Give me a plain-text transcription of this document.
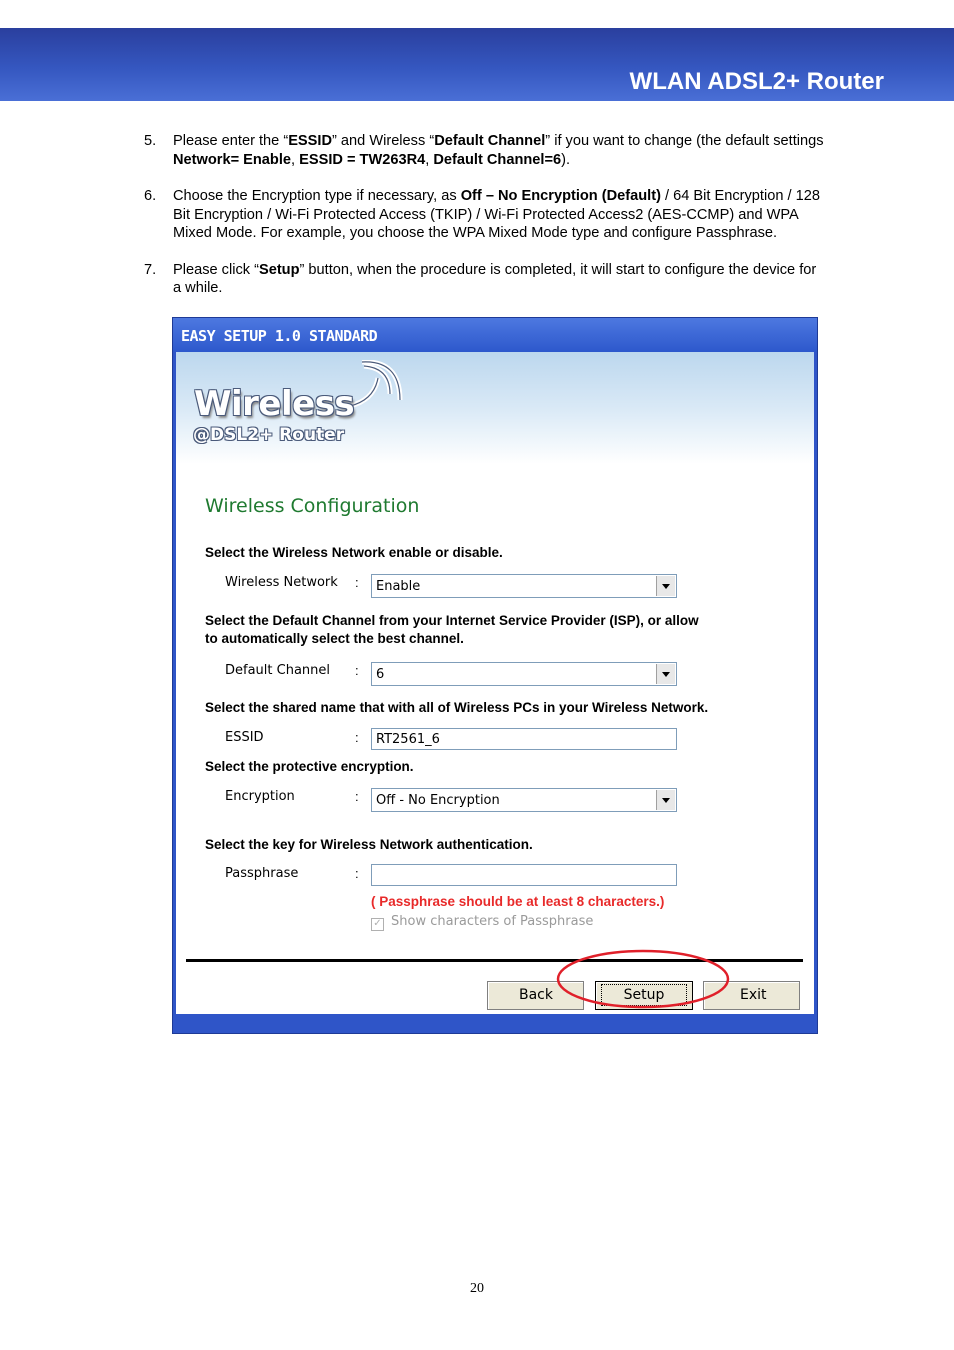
WLAN ADSL2+ Router
5. Please enter the “ESSID” and Wireless “Default Channel” if you want to change (the default settings Network= Enable, ESSID = TW263R4, Default Channel=6).
6. Choose the Encryption type if necessary, as Off – No Encryption (Default) / 64 Bit Encryption / 128 Bit Encryption / Wi-Fi Protected Access (TKIP) / Wi-Fi Protected Access2 (AES-CCMP) and WPA Mixed Mode. For example, you choose the WPA Mixed Mode type and configure Passphrase.
7. Please click “Setup” button, when the procedure is completed, it will start to configure the device for a while.
EASY SETUP 1.0 STANDARD
Wireless
@DSL2+ Router
Wireless Configuration
Select the Wireless Network enable or disable.
Wireless Network :	Enable
Select the Default Channel from your Internet Service Provider (ISP), or allow
to automatically select the best channel.
Default Channel :	6
Select the shared name that with all of Wireless PCs in your Wireless Network.
ESSID	:	RT2561_6
Select the protective encryption.
Encryption	:	Off - No Encryption
Select the key for Wireless Network authentication.
Passphrase	:
( Passphrase should be at least 8 characters.)
✓ Show characters of Passphrase
Back	Setup	Exit
20
